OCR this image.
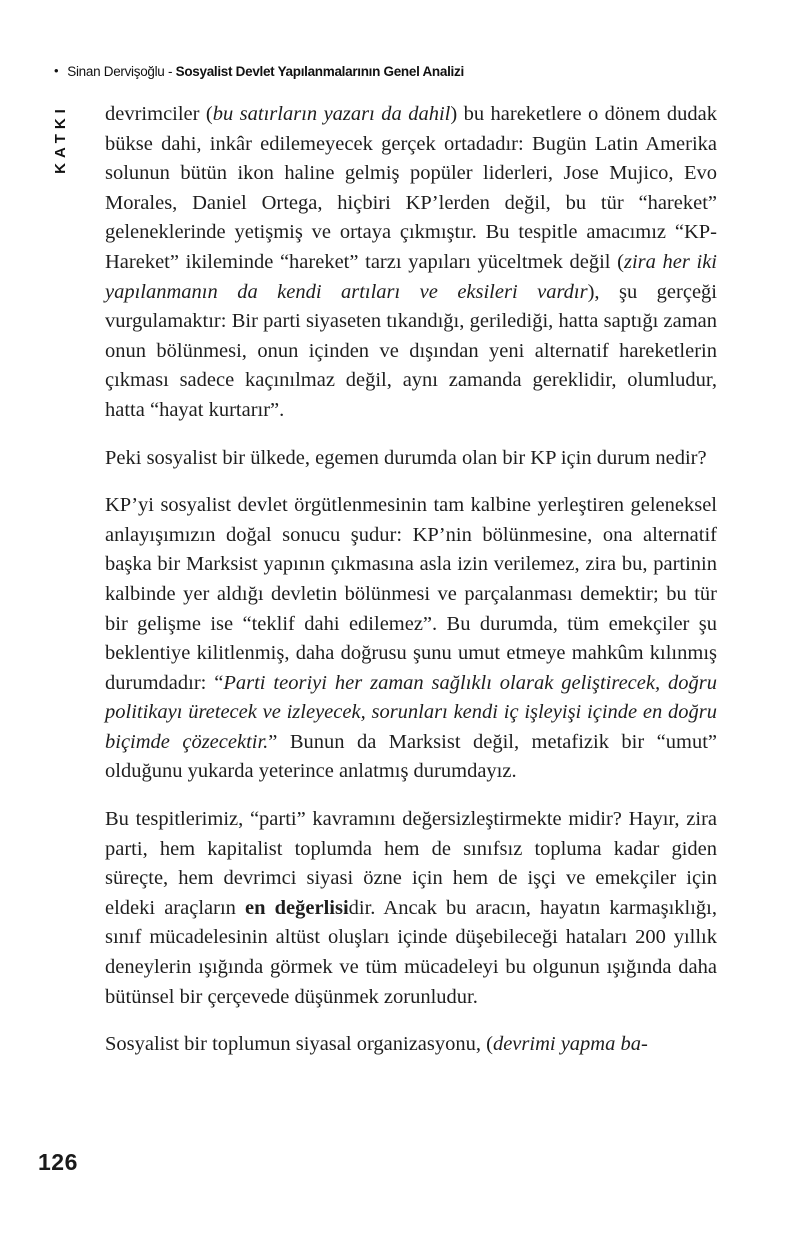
• Sinan Dervişoğlu - Sosyalist Devlet Yapılanmalarının Genel Analizi
KATKI devrimciler (bu satırların yazarı da dahil) bu hareketlere o dönem dudak bükse dahi, inkâr edilemeyecek gerçek ortadadır: Bugün Latin Amerika solunun bütün ikon haline gelmiş popüler liderleri, Jose Mujico, Evo Morales, Daniel Ortega, hiçbiri KP’lerden değil, bu tür “hareket” geleneklerinde yetişmiş ve ortaya çıkmıştır. Bu tespitle amacımız “KP-Hareket” ikileminde “hareket” tarzı yapıları yüceltmek değil (zira her iki yapılanmanın da kendi artıları ve eksileri vardır), şu gerçeği vurgulamaktır: Bir parti siyaseten tıkandığı, gerilediği, hatta saptığı zaman onun bölünmesi, onun içinden ve dışından yeni alternatif hareketlerin çıkması sadece kaçınılmaz değil, aynı zamanda gereklidir, olumludur, hatta “hayat kurtarır”.

Peki sosyalist bir ülkede, egemen durumda olan bir KP için durum nedir?

KP’yi sosyalist devlet örgütlenmesinin tam kalbine yerleştiren geleneksel anlayışımızın doğal sonucu şudur: KP’nin bölünmesine, ona alternatif başka bir Marksist yapının çıkmasına asla izin verilemez, zira bu, partinin kalbinde yer aldığı devletin bölünmesi ve parçalanması demektir; bu tür bir gelişme ise “teklif dahi edilemez”. Bu durumda, tüm emekçiler şu beklentiye kilitlenmiş, daha doğrusu şunu umut etmeye mahkûm kılınmış durumdadır: “Parti teoriyi her zaman sağlıklı olarak geliştirecek, doğru politikayı üretecek ve izleyecek, sorunları kendi iç işleyişi içinde en doğru biçimde çözecektir.” Bunun da Marksist değil, metafizik bir “umut” olduğunu yukarda yeterince anlatmış durumdayız.

Bu tespitlerimiz, “parti” kavramını değersizleştirmekte midir? Hayır, zira parti, hem kapitalist toplumda hem de sınıfsız topluma kadar giden süreçte, hem devrimci siyasi özne için hem de işçi ve emekçiler için eldeki araçların en değerlisidir. Ancak bu aracın, hayatın karmaşıklığı, sınıf mücadelesinin altüst oluşları içinde düşebileceği hataları 200 yıllık deneylerin ışığında görmek ve tüm mücadeleyi bu olgunun ışığında daha bütünsel bir çerçevede düşünmek zorunludur.

Sosyalist bir toplumun siyasal organizasyonu, (devrimi yapma ba-

126
